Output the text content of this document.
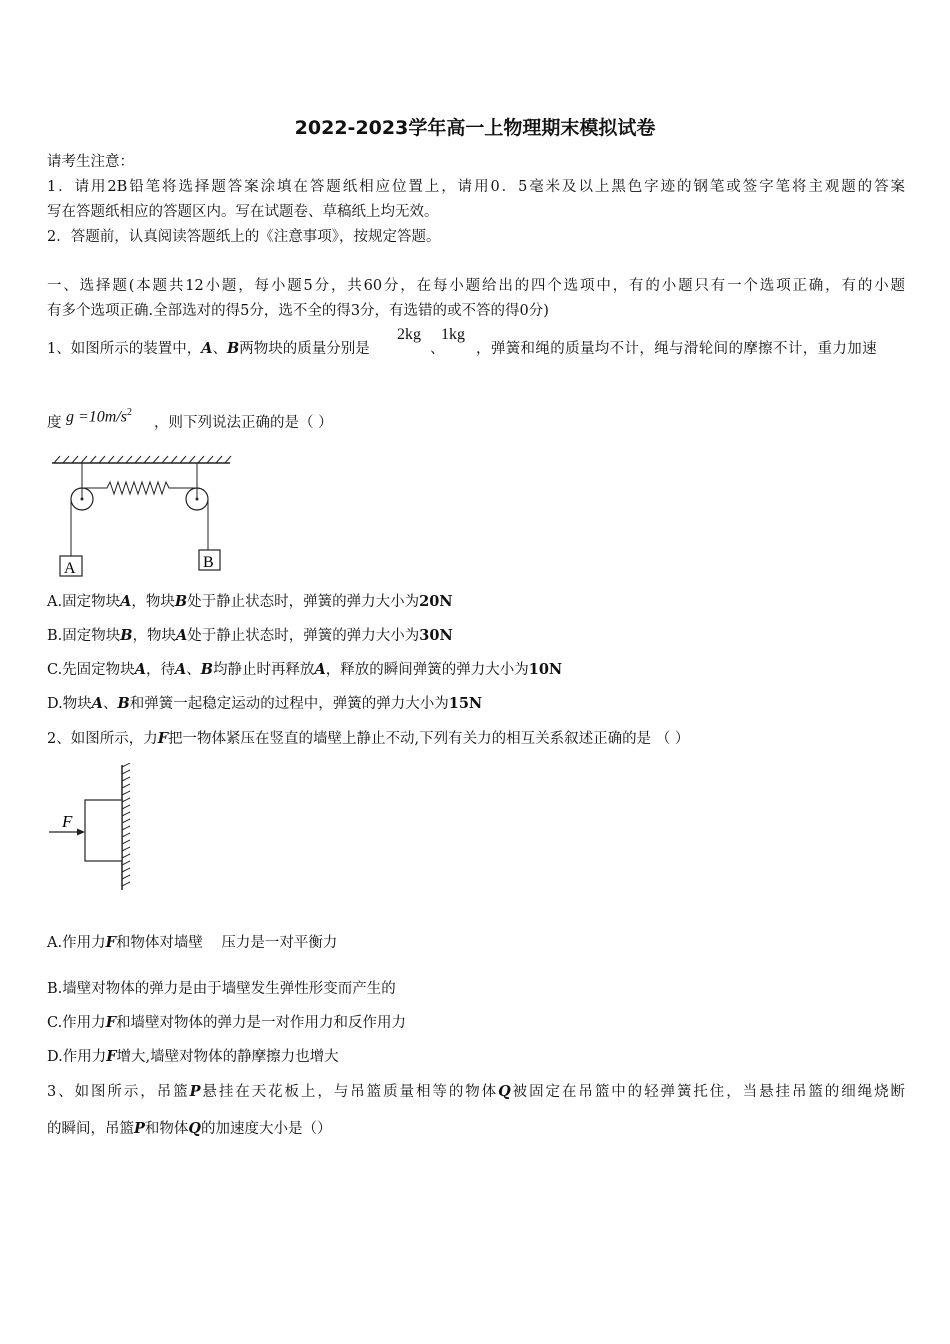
2022-2023学年高一上物理期末模拟试卷
请考生注意：
1．请用2B铅笔将选择题答案涂填在答题纸相应位置上，请用0．5毫米及以上黑色字迹的钢笔或签字笔将主观题的答案
写在答题纸相应的答题区内。写在试题卷、草稿纸上均无效。
2．答题前，认真阅读答题纸上的《注意事项》，按规定答题。
一、选择题(本题共12小题，每小题5分，共60分，在每小题给出的四个选项中，有的小题只有一个选项正确，有的小题
有多个选项正确.全部选对的得5分，选不全的得3分，有选错的或不答的得0分)
1、如图所示的装置中，A、B两物块的质量分别是
2kg
、
1kg
，弹簧和绳的质量均不计，绳与滑轮间的摩擦不计，重力加速
度 $g =10m/s^2$
，则下列说法正确的是（ ）
A	B
A.固定物块A，物块B处于静止状态时，弹簧的弹力大小为20N
B.固定物块B，物块A处于静止状态时，弹簧的弹力大小为30N
C.先固定物块A，待A、B均静止时再释放A，释放的瞬间弹簧的弹力大小为10N
D.物块A、B和弹簧一起稳定运动的过程中，弹簧的弹力大小为15N
2、如图所示，力F把一物体紧压在竖直的墙壁上静止不动,下列有关力的相互关系叙述正确的是 （ ）
F
A.作用力F和物体对墙壁    压力是一对平衡力
B.墙壁对物体的弹力是由于墙壁发生弹性形变而产生的
C.作用力F和墙壁对物体的弹力是一对作用力和反作用力
D.作用力F增大,墙壁对物体的静摩擦力也增大
3、如图所示，吊篮P悬挂在天花板上，与吊篮质量相等的物体Q被固定在吊篮中的轻弹簧托住，当悬挂吊篮的细绳烧断
的瞬间，吊篮P和物体Q的加速度大小是（）
